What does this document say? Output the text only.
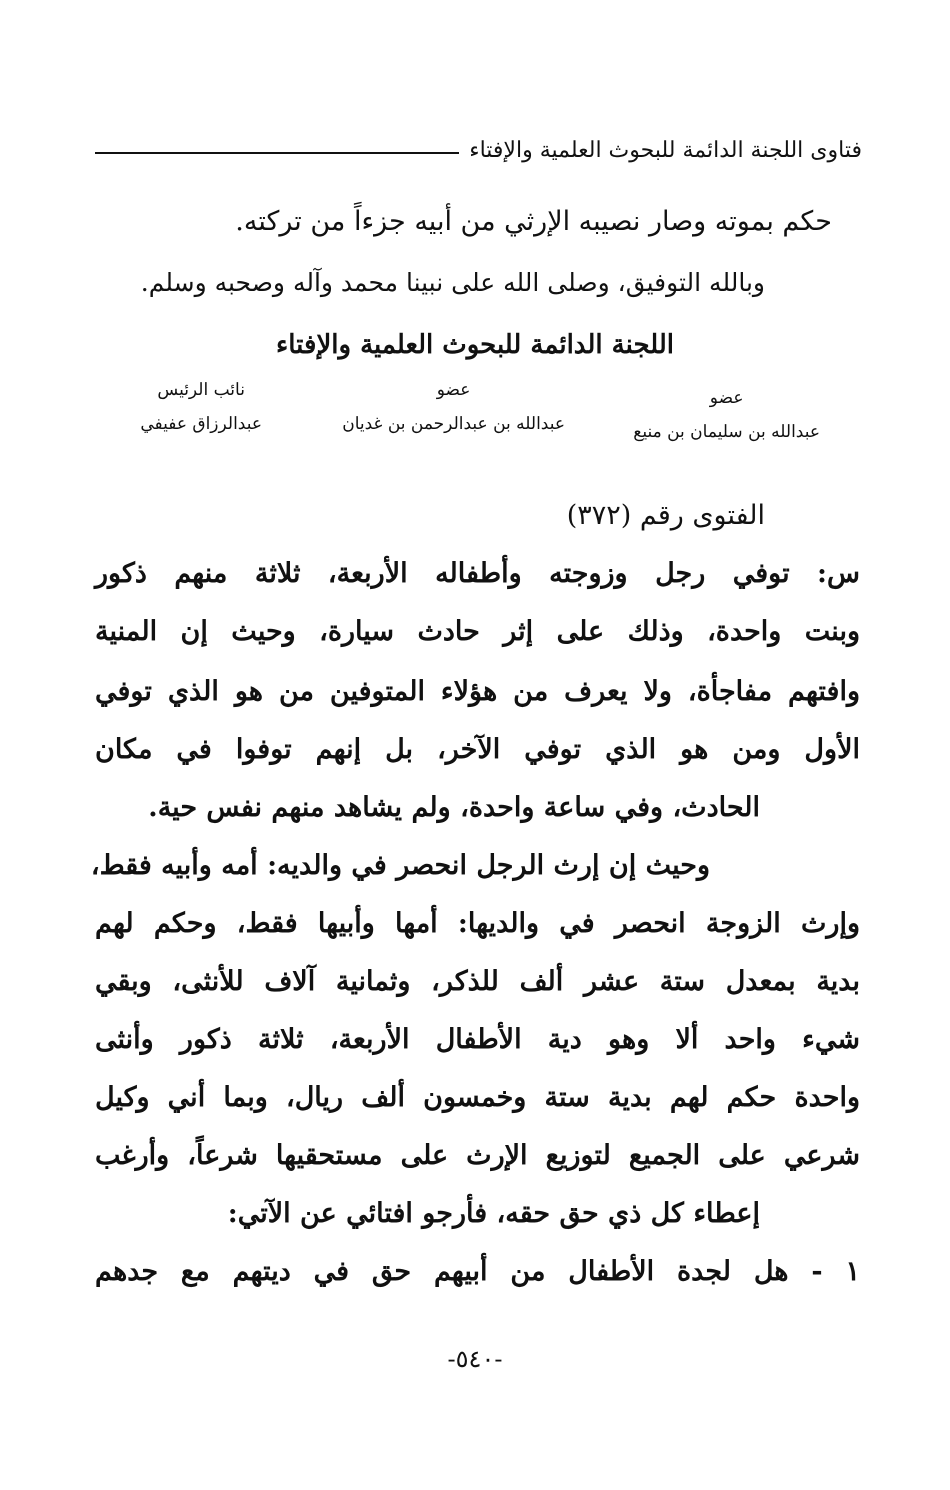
فتاوى اللجنة الدائمة للبحوث العلمية والإفتاء
حكم بموته وصار نصيبه الإرثي من أبيه جزءاً من تركته.
وبالله التوفيق، وصلى الله على نبينا محمد وآله وصحبه وسلم.
اللجنة الدائمة للبحوث العلمية والإفتاء
عضو
عبدالله بن سليمان بن منيع
عضو
عبدالله بن عبدالرحمن بن غديان
نائب الرئيس
عبدالرزاق عفيفي
الفتوى رقم (٣٧٢)
س: توفي رجل وزوجته وأطفاله الأربعة، ثلاثة منهم ذكور
وبنت واحدة، وذلك على إثر حادث سيارة، وحيث إن المنية
وافتهم مفاجأة، ولا يعرف من هؤلاء المتوفين من هو الذي توفي
الأول ومن هو الذي توفي الآخر، بل إنهم توفوا في مكان
الحادث، وفي ساعة واحدة، ولم يشاهد منهم نفس حية.
وحيث إن إرث الرجل انحصر في والديه: أمه وأبيه فقط،
وإرث الزوجة انحصر في والديها: أمها وأبيها فقط، وحكم لهم
بدية بمعدل ستة عشر ألف للذكر، وثمانية آلاف للأنثى، وبقي
شيء واحد ألا وهو دية الأطفال الأربعة، ثلاثة ذكور وأنثى
واحدة حكم لهم بدية ستة وخمسون ألف ريال، وبما أني وكيل
شرعي على الجميع لتوزيع الإرث على مستحقيها شرعاً، وأرغب
إعطاء كل ذي حق حقه، فأرجو افتائي عن الآتي:
١ - هل لجدة الأطفال من أبيهم حق في ديتهم مع جدهم
-٥٤٠-
